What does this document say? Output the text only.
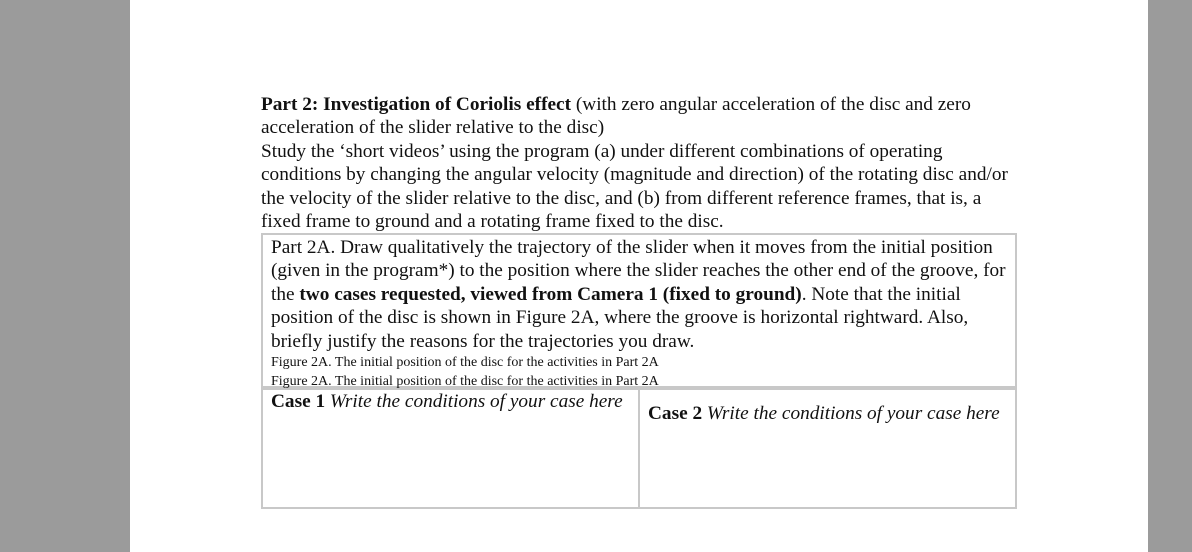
Part 2: Investigation of Coriolis effect (with zero angular acceleration of the disc and zero acceleration of the slider relative to the disc)

Study the ‘short videos’ using the program (a) under different combinations of operating conditions by changing the angular velocity (magnitude and direction) of the rotating disc and/or the velocity of the slider relative to the disc, and (b) from different reference frames, that is, a fixed frame to ground and a rotating frame fixed to the disc.

Part 2A. Draw qualitatively the trajectory of the slider when it moves from the initial position (given in the program*) to the position where the slider reaches the other end of the groove, for the two cases requested, viewed from Camera 1 (fixed to ground). Note that the initial position of the disc is shown in Figure 2A, where the groove is horizontal rightward. Also, briefly justify the reasons for the trajectories you draw.
Figure 2A. The initial position of the disc for the activities in Part 2A
Figure 2A. The initial position of the disc for the activities in Part 2A
Case 1 Write the conditions of your case here
Case 2 Write the conditions of your case here
